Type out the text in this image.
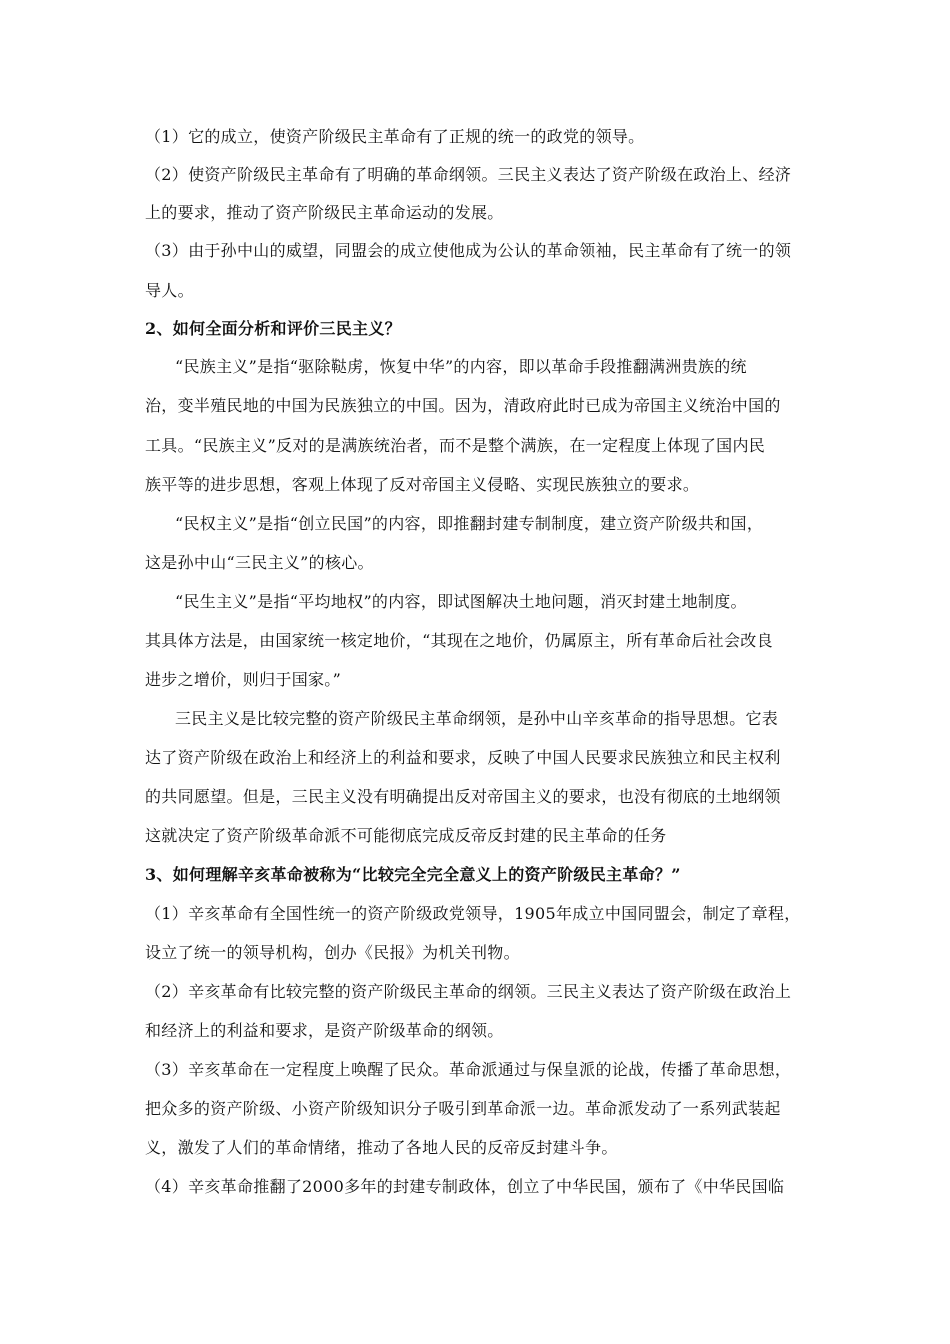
（1）它的成立，使资产阶级民主革命有了正规的统一的政党的领导。
（2）使资产阶级民主革命有了明确的革命纲领。三民主义表达了资产阶级在政治上、经济
上的要求，推动了资产阶级民主革命运动的发展。
（3）由于孙中山的威望，同盟会的成立使他成为公认的革命领袖，民主革命有了统一的领
导人。
2、如何全面分析和评价三民主义？
“民族主义”是指“驱除鞑虏，恢复中华”的内容，即以革命手段推翻满洲贵族的统
治，变半殖民地的中国为民族独立的中国。因为，清政府此时已成为帝国主义统治中国的
工具。“民族主义”反对的是满族统治者，而不是整个满族，在一定程度上体现了国内民
族平等的进步思想，客观上体现了反对帝国主义侵略、实现民族独立的要求。
“民权主义”是指“创立民国”的内容，即推翻封建专制制度，建立资产阶级共和国，
这是孙中山“三民主义”的核心。
“民生主义”是指“平均地权”的内容，即试图解决土地问题，消灭封建土地制度。
其具体方法是，由国家统一核定地价，“其现在之地价，仍属原主，所有革命后社会改良
进步之增价，则归于国家。”
三民主义是比较完整的资产阶级民主革命纲领，是孙中山辛亥革命的指导思想。它表
达了资产阶级在政治上和经济上的利益和要求，反映了中国人民要求民族独立和民主权利
的共同愿望。但是，三民主义没有明确提出反对帝国主义的要求，也没有彻底的土地纲领
这就决定了资产阶级革命派不可能彻底完成反帝反封建的民主革命的任务
3、如何理解辛亥革命被称为“比较完全完全意义上的资产阶级民主革命？”
（1）辛亥革命有全国性统一的资产阶级政党领导，1905年成立中国同盟会，制定了章程，
设立了统一的领导机构，创办《民报》为机关刊物。
（2）辛亥革命有比较完整的资产阶级民主革命的纲领。三民主义表达了资产阶级在政治上
和经济上的利益和要求，是资产阶级革命的纲领。
（3）辛亥革命在一定程度上唤醒了民众。革命派通过与保皇派的论战，传播了革命思想，
把众多的资产阶级、小资产阶级知识分子吸引到革命派一边。革命派发动了一系列武装起
义，激发了人们的革命情绪，推动了各地人民的反帝反封建斗争。
（4）辛亥革命推翻了2000多年的封建专制政体，创立了中华民国，颁布了《中华民国临
